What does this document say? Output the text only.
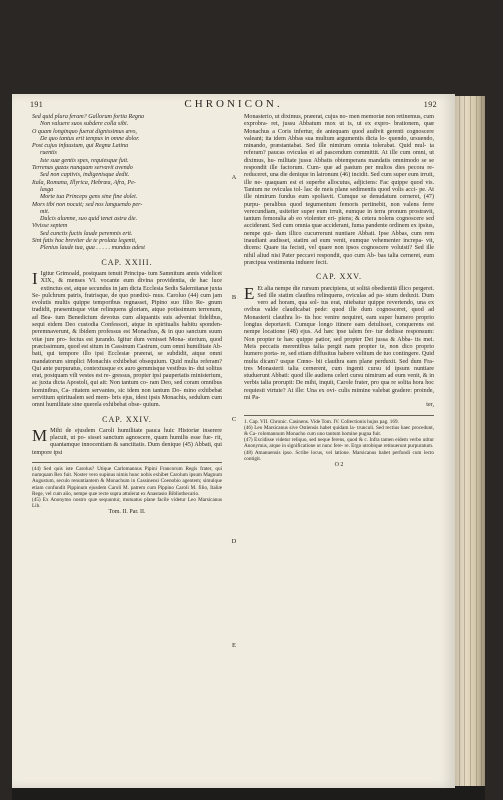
191	CHRONICON.	192

Sed quid plura feram? Gallorum fortia Regna

Non valuere suos subdere colla sibi.

O quam longinquo fuerat dignissimus ævo,

De quo tantus erit tempus in omne dolor.

Post cujus infaustum, qui Regna Latina

ruentis

Iste suæ gentis spes, requiesque fuit.

Terrenas gazas nunquam servavit avendo

Sed non captivis, indigenisque dedit.

Itala, Romana, Illyrica, Hebræa, Afra, Pe-

lasga

Morte tua Princeps gens sine fine dolet.

Mors tibi non nocuit; sed nos languendo per-

mit.

Dulcis alumne, suo quid tenet astra die.

Vivisse septem

Sed cunctis fuctis laude peremnis erit.

Sint fatis hoc breviter de te prolata legenti,

Plenius laude tua, qua . . . . . mundus adest

CAP. XXIII.

I Igitur Grimoald, postquam tenuit Principa- tum Samnitum annis videlicet XIX., & menses VI. vocante eum divina providentia, de hac luce extinctus est, atque secundus in jam dicta Ecclesia Sedis Salernitanæ juxta Se- pulchrum patris, fratrisque, de quo prædixi- mus. Caroluo (44) cum jam evolutis multis quippe temporibus regnasset, Pipino suo filio Re- gnum tradidit, præsentisque vitæ relinquens gloriam, atque potissimum terrenum, ad Bea- tum Benedictum devotus cum aliquantis suis adveniat fidelibus, sequi eidem Deo custodia Confessori, atque in spiritualis habitu sponden- peremnaverunt, & ibidem professus est Monachus, & in quo sanctum suum vitæ jure pro- fectus est jurando. Igitur dum venisset Mona- sterium, quod præcissimum, quod est situm in Cassinum Castrum, cum omni humilitate Ab- bati, qui tempore illo ipsi Ecclesiæ præerat, se subdidit, atque omni mandatorum simplici Monachis exhibebat obsequium. Quid multa referam? Qui ante purpuratus, contextusque ex auro gemmisque vestibus in- dui solitus erat, postquam vili vestes est re- gressus, propter ipsi paupertatis ministerium, ac juxta dicta Apostoli, qui ait: Non tantum co- ram Deo, sed coram omnibus hominibus, Ca- ritatem servantes, sic idem non tantum Do- mino exhibebat servitium spiritualem sed mem- bris ejus, idest ipsis Monachis, sedulum cum omni humilitate sine querela exhibebat obse- quium.

CAP. XXIV.

M Mihi de ejusdem Caroli humilitate pauca huic Historiæ inserere placuit, ut po- sisset sanctum agnoscere, quam humilis esse fue- rit, quantamque innocentiam & sanctitatis. Dum denique (45) Abbati, qui tempore ipsi

(44) Sed quis iste Carolus? Utique Carlomannus Pipini Francorum Regis frater, qui numquam Rex fuit. Noster vero supinus nimis hunc nobis exhibet Carolum ipsum Magnum Augustum, seculo renuntiantem & Monachum in Cassinensi Coenobio agentem; simulque etiam confundit Pippinum ejusdem Caroli M. patrem cum Pippino Caroli M. filio, Italiæ Rege, vel cum alio, nempe quæ recte supra attulerat ex Anastasio Bibliothecario.

(45) Ex Anonymo nostro quæ sequuntur, mutuatus plane facile videtur Leo Marsicanus Lib.

Tom. II. Par. II.

A
B
C
D
E

Monasterio, ut diximus, præerat, cujus no- men memoriæ non retinemus, cum exprobra- ret, jussu Abbatum mox ut is, ut ex expro- brationem, quæ Monachus a Coris infertur, de antequam quod audivit gerenti cognoscere valeant; ita idem Abbas sua multum argumentis dicta lo- quendo, ursuendo, minando, præstantabat. Sed ille nimirum omnia tolerabat. Quid mul- ta referam? paucas oviculas ei ad pascendum committit. At ille cum omni, ut diximus, hu- militate jussu Abbatis obtemperans mandatis omnimodo se se respondit ille factorum. Cum- que ad pastum per multos dies pecora re- reduceret, una die denique in latronum (46) incidit. Sed cum super eum irruit, ille ne- quaquam est ei superbe allocutus, adjiciens: Fac quippe quod vis. Tantum ne oviculas tol- las: de meis plane sedimentis quod volis acci- pe. At ille nimirum fundus eum spoliavit. Cumque se denudatum cerneret, (47) purpu- peralibus quod tegumentum femoris pertinebit, non valens ferre verecundiam, usiteiter super eum irruit, eumque in terra pronum prostravit, tantum femoralia ab eo violenter eri- piens; & cetera nolens cognoscere sed acciderant. Sed cum omnia quæ acciderant, fuma pandente ordinem ex ipsius, nempe qui- dam illico cucurrerunt nuntiare Abbati. Ipse Abbas, cum rem inaudiant audisset, statim ad eum venit, eumque vehementer increpa- vit, dicens: Quare ita fecisti, vel quare non ipsos cognoscere voluisti? Sed ille nihil aliud nisi Pater peccavi respondit, quo cum Ab- bas talia cerneret, eum præcipua vestimenta induere fecit.

CAP. XXV.

E Et alia nempe die rursum præcipiens, ut solitā obedientiā illico pergeret. Sed ille statim clauthra relinquens, oviculas ad pa- stum deduxit. Dum vero ad horam, qua sol- tus erat, nitebatur quippe revertendo, una ex ovibus valde claudicabat pede: quod ille dum cognosceret, quod ad Monasterii clauthra lo- tis hoc venire nequiret, eam super humero proprio longius deportavit. Cumque longo itinere eam detulisset, conquerens est nempe locatione (48) ejus. Ad hæc ipse talem fer- tur dedisse responsum: Non propter te hæc quippe patior, sed propter Dei jussa & Abba- tis mei. Meis peccatis merentibus talia pergit nam propter te, non dico proprio humero porta- re, sed etiam diffusitus habere velitum de tuo contingere. Quid multa dicam? usque Cœno- bii clauthra eam plane perduxit. Sed dum Fra- tres Monasterii talia cernerent, cum ingenti cursu id ipsum nuntiare studuerunt Abbati: quod ille audiens celeri cursu nimirum ad eum venit, & in verbis talia prorupit: De mihi, inquit, Carole frater, pro qua re solita hora hoc requiesti virtute? At ille: Una ex ovi- culis mimine valebat gradere: proinde, mi Pa-

ter,

1. Cap. VII. Chronic. Casinens. Vide Tom. IV. Collectionis hujus pag. 169.

(46) Leo Marsicanus sive Ostiensis habet quidam la- trunculi. Sed rectius haec procedunt, & Ca- rolomannum Monacho cum uno tantum homine pugna fuit.

(47) Excidisse videtur reliquo, sed neque ferens, quod & c. Infra tamen eidem verbo utitur Anonymus, atque in significatione ut nunc fere- re. Ergo utrobique retinuerunt purpuratum.

(48) Amanuensis ipso. Scribe locus, vel latione. Marsicanus habet perfundi cum lecto contigit.

O 2
